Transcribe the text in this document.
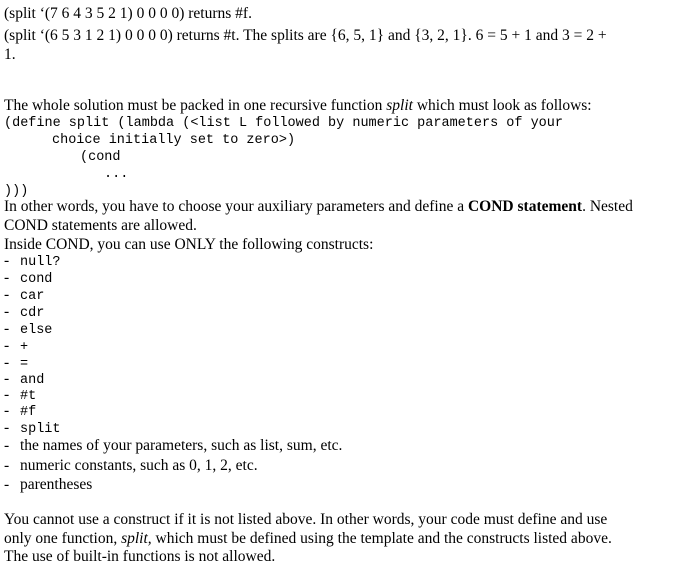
(split ‘(7 6 4 3 5 2 1) 0 0 0 0) returns #f.
(split ‘(6 5 3 1 2 1) 0 0 0 0) returns #t. The splits are {6, 5, 1} and {3, 2, 1}. 6 = 5 + 1 and 3 = 2 +
1.
The whole solution must be packed in one recursive function split which must look as follows:
(define split (lambda (<list L followed by numeric parameters of your
choice initially set to zero>)
(cond
...
)))
In other words, you have to choose your auxiliary parameters and define a COND statement. Nested
COND statements are allowed.
Inside COND, you can use ONLY the following constructs:
- null?
- cond
- car
- cdr
- else
- +
- =
- and
- #t
- #f
- split
- the names of your parameters, such as list, sum, etc.
- numeric constants, such as 0, 1, 2, etc.
- parentheses
You cannot use a construct if it is not listed above. In other words, your code must define and use
only one function, split, which must be defined using the template and the constructs listed above.
The use of built-in functions is not allowed.
